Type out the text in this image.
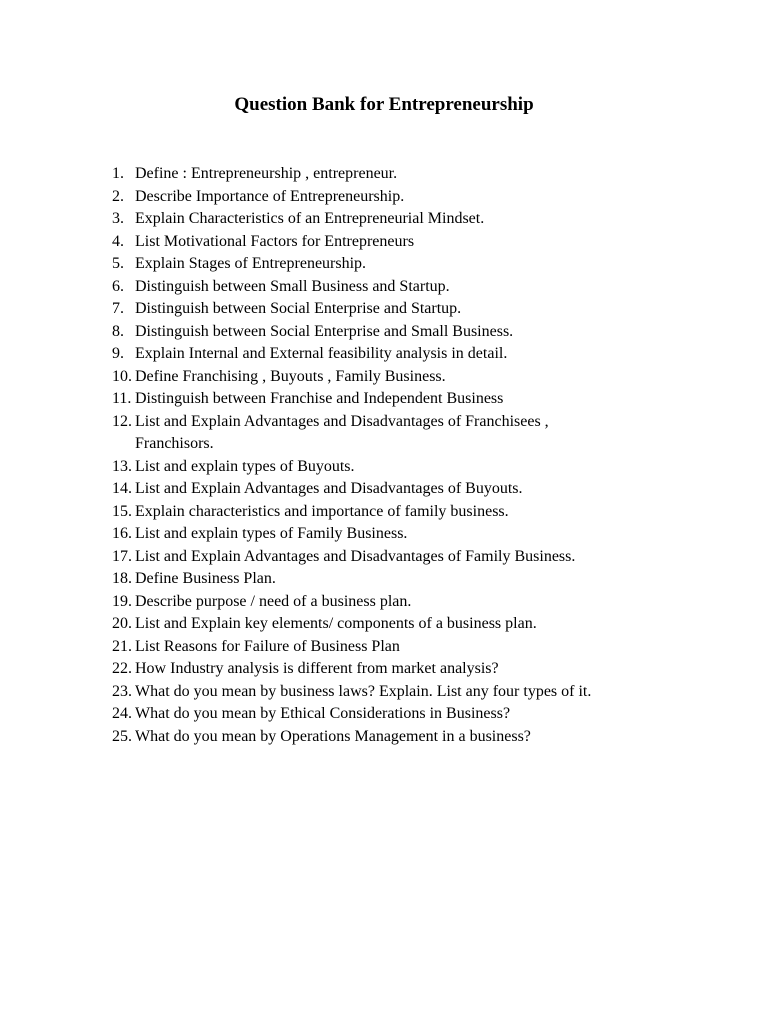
Question Bank for Entrepreneurship
1. Define : Entrepreneurship , entrepreneur.
2. Describe Importance of Entrepreneurship.
3. Explain Characteristics of an Entrepreneurial Mindset.
4. List Motivational Factors for Entrepreneurs
5. Explain Stages of Entrepreneurship.
6. Distinguish between Small Business and Startup.
7. Distinguish between Social Enterprise and Startup.
8. Distinguish between Social Enterprise and Small Business.
9. Explain Internal and External feasibility analysis in detail.
10. Define Franchising , Buyouts , Family Business.
11. Distinguish between Franchise and Independent Business
12. List and Explain Advantages and Disadvantages of Franchisees , Franchisors.
13. List and explain types of Buyouts.
14. List and Explain Advantages and Disadvantages of Buyouts.
15. Explain characteristics and importance of family business.
16. List and explain types of Family Business.
17. List and Explain Advantages and Disadvantages of Family Business.
18. Define Business Plan.
19. Describe purpose / need of a business plan.
20. List and Explain key elements/ components of a business plan.
21. List Reasons for Failure of Business Plan
22. How Industry analysis is different from market analysis?
23. What do you mean by business laws? Explain. List any four types of it.
24. What do you mean by Ethical Considerations in Business?
25. What do you mean by Operations Management in a business?
